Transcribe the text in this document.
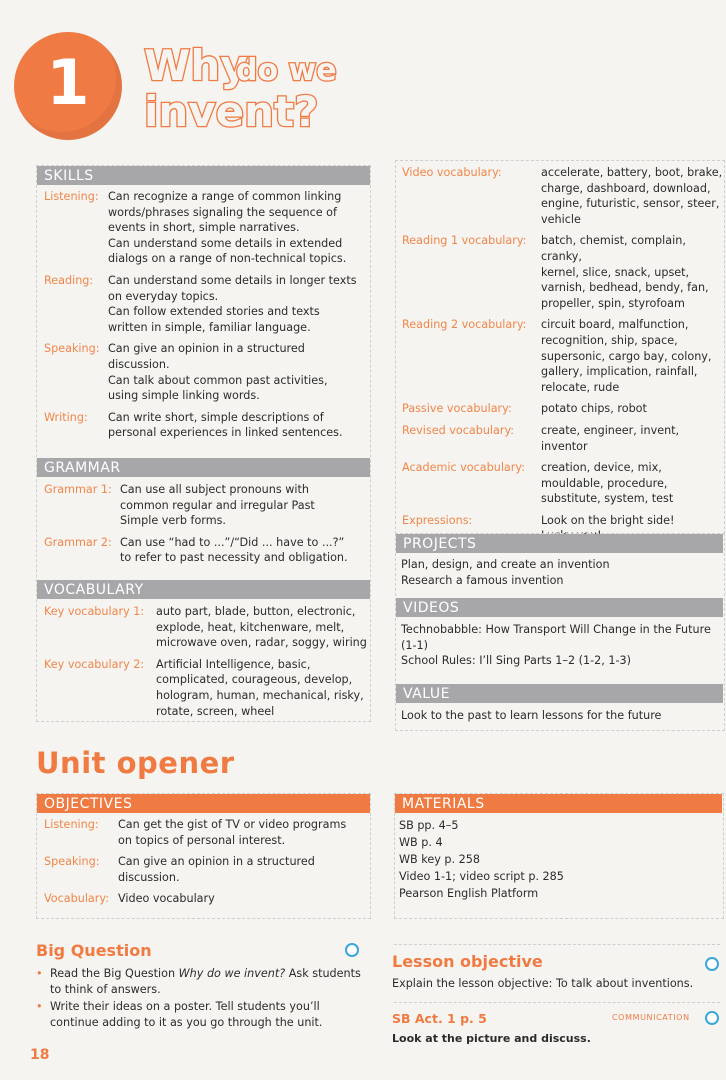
1	Why
do we
invent?
SKILLS
Listening: Can recognize a range of common linking
words/phrases signaling the sequence of
events in short, simple narratives.
Can understand some details in extended
dialogs on a range of non-technical topics.
Reading:	Can understand some details in longer texts
on everyday topics.
Can follow extended stories and texts
written in simple, familiar language.
Speaking: Can give an opinion in a structured
discussion.
Can talk about common past activities,
using simple linking words.
Writing:	Can write short, simple descriptions of
personal experiences in linked sentences.
GRAMMAR
Grammar 1: Can use all subject pronouns with
common regular and irregular Past
Simple verb forms.
Grammar 2: Can use “had to ...”/“Did ... have to ...?”
to refer to past necessity and obligation.
VOCABULARY
Key vocabulary 1:	auto part, blade, button, electronic,
explode, heat, kitchenware, melt,
microwave oven, radar, soggy, wiring
Key vocabulary 2:	Artificial Intelligence, basic,
complicated, courageous, develop,
hologram, human, mechanical, risky,
rotate, screen, wheel
Video vocabulary:	accelerate, battery, boot, brake,
charge, dashboard, download,
engine, futuristic, sensor, steer,
vehicle
Reading 1 vocabulary:	batch, chemist, complain, cranky,
kernel, slice, snack, upset,
varnish, bedhead, bendy, fan,
propeller, spin, styrofoam
Reading 2 vocabulary:	circuit board, malfunction,
recognition, ship, space,
supersonic, cargo bay, colony,
gallery, implication, rainfall,
relocate, rude
Passive vocabulary:	potato chips, robot
Revised vocabulary:	create, engineer, invent, inventor
Academic vocabulary:	creation, device, mix,
mouldable, procedure,
substitute, system, test
Expressions:	Look on the bright side!
PROJECTS
Plan, design, and create an invention
Research a famous invention
VIDEOS
Technobabble: How Transport Will Change in the Future
(1-1)
School Rules: I’ll Sing Parts 1–2 (1-2, 1-3)
VALUE
Look to the past to learn lessons for the future
Unit opener
OBJECTIVES
Listening:	Can get the gist of TV or video programs
on topics of personal interest.
Speaking:	Can give an opinion in a structured
discussion.
Vocabulary: Video vocabulary
MATERIALS
SB pp. 4–5
WB p. 4
WB key p. 258
Video 1-1; video script p. 285
Pearson English Platform
Big Question
• Read the Big Question Why do we invent? Ask students
to think of answers.
• Write their ideas on a poster. Tell students you’ll
continue adding to it as you go through the unit.
Lesson objective
Explain the lesson objective: To talk about inventions.
SB Act. 1 p. 5	COMMUNICATION
Look at the picture and discuss.
18
